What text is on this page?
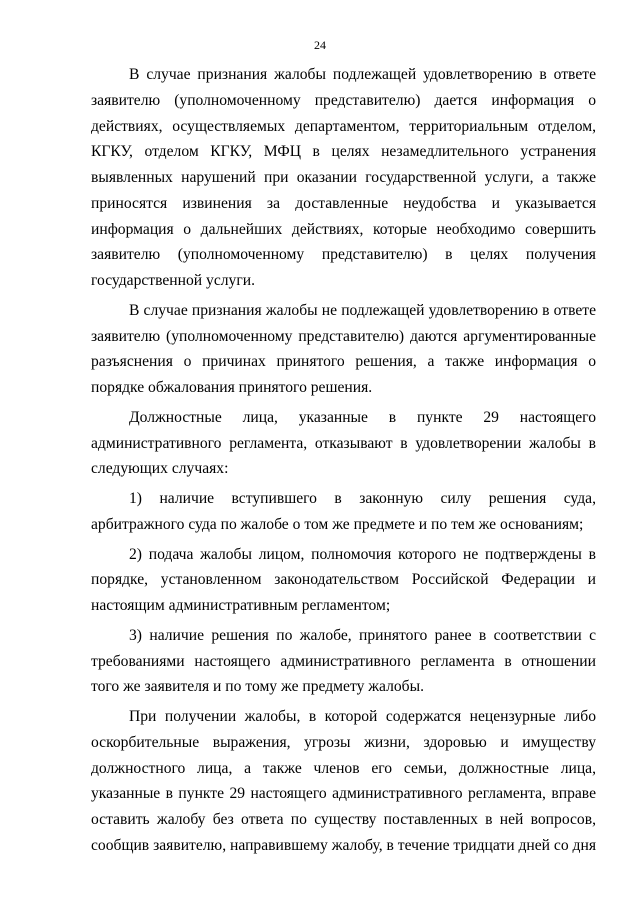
24

В случае признания жалобы подлежащей удовлетворению в ответе заявителю (уполномоченному представителю) дается информация о действиях, осуществляемых департаментом, территориальным отделом, КГКУ, отделом КГКУ, МФЦ в целях незамедлительного устранения выявленных нарушений при оказании государственной услуги, а также приносятся извинения за доставленные неудобства и указывается информация о дальнейших действиях, которые необходимо совершить заявителю (уполномоченному представителю) в целях получения государственной услуги.

В случае признания жалобы не подлежащей удовлетворению в ответе заявителю (уполномоченному представителю) даются аргументированные разъяснения о причинах принятого решения, а также информация о порядке обжалования принятого решения.

Должностные лица, указанные в пункте 29 настоящего административного регламента, отказывают в удовлетворении жалобы в следующих случаях:

1) наличие вступившего в законную силу решения суда, арбитражного суда по жалобе о том же предмете и по тем же основаниям;

2) подача жалобы лицом, полномочия которого не подтверждены в порядке, установленном законодательством Российской Федерации и настоящим административным регламентом;

3) наличие решения по жалобе, принятого ранее в соответствии с требованиями настоящего административного регламента в отношении того же заявителя и по тому же предмету жалобы.

При получении жалобы, в которой содержатся нецензурные либо оскорбительные выражения, угрозы жизни, здоровью и имуществу должностного лица, а также членов его семьи, должностные лица, указанные в пункте 29 настоящего административного регламента, вправе оставить жалобу без ответа по существу поставленных в ней вопросов, сообщив заявителю, направившему жалобу, в течение тридцати дней со дня
